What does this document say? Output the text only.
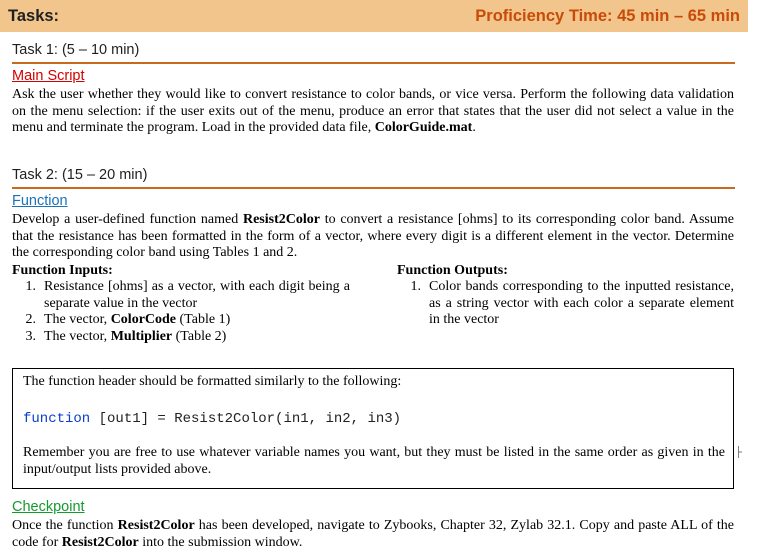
Tasks:	Proficiency Time: 45 min – 65 min
Task 1: (5 – 10 min)
Main Script
Ask the user whether they would like to convert resistance to color bands, or vice versa. Perform the following data validation on the menu selection: if the user exits out of the menu, produce an error that states that the user did not select a value in the menu and terminate the program. Load in the provided data file, ColorGuide.mat.
Task 2: (15 – 20 min)
Function
Develop a user-defined function named Resist2Color to convert a resistance [ohms] to its corresponding color band. Assume that the resistance has been formatted in the form of a vector, where every digit is a different element in the vector. Determine the corresponding color band using Tables 1 and 2.
Function Inputs:
1. Resistance [ohms] as a vector, with each digit being a separate value in the vector
2. The vector, ColorCode (Table 1)
3. The vector, Multiplier (Table 2)
Function Outputs:
1. Color bands corresponding to the inputted resistance, as a string vector with each color a separate element in the vector
The function header should be formatted similarly to the following:
function [out1] = Resist2Color(in1, in2, in3)
Remember you are free to use whatever variable names you want, but they must be listed in the same order as given in the input/output lists provided above.
├
Checkpoint
Once the function Resist2Color has been developed, navigate to Zybooks, Chapter 32, Zylab 32.1. Copy and paste ALL of the code for Resist2Color into the submission window.
